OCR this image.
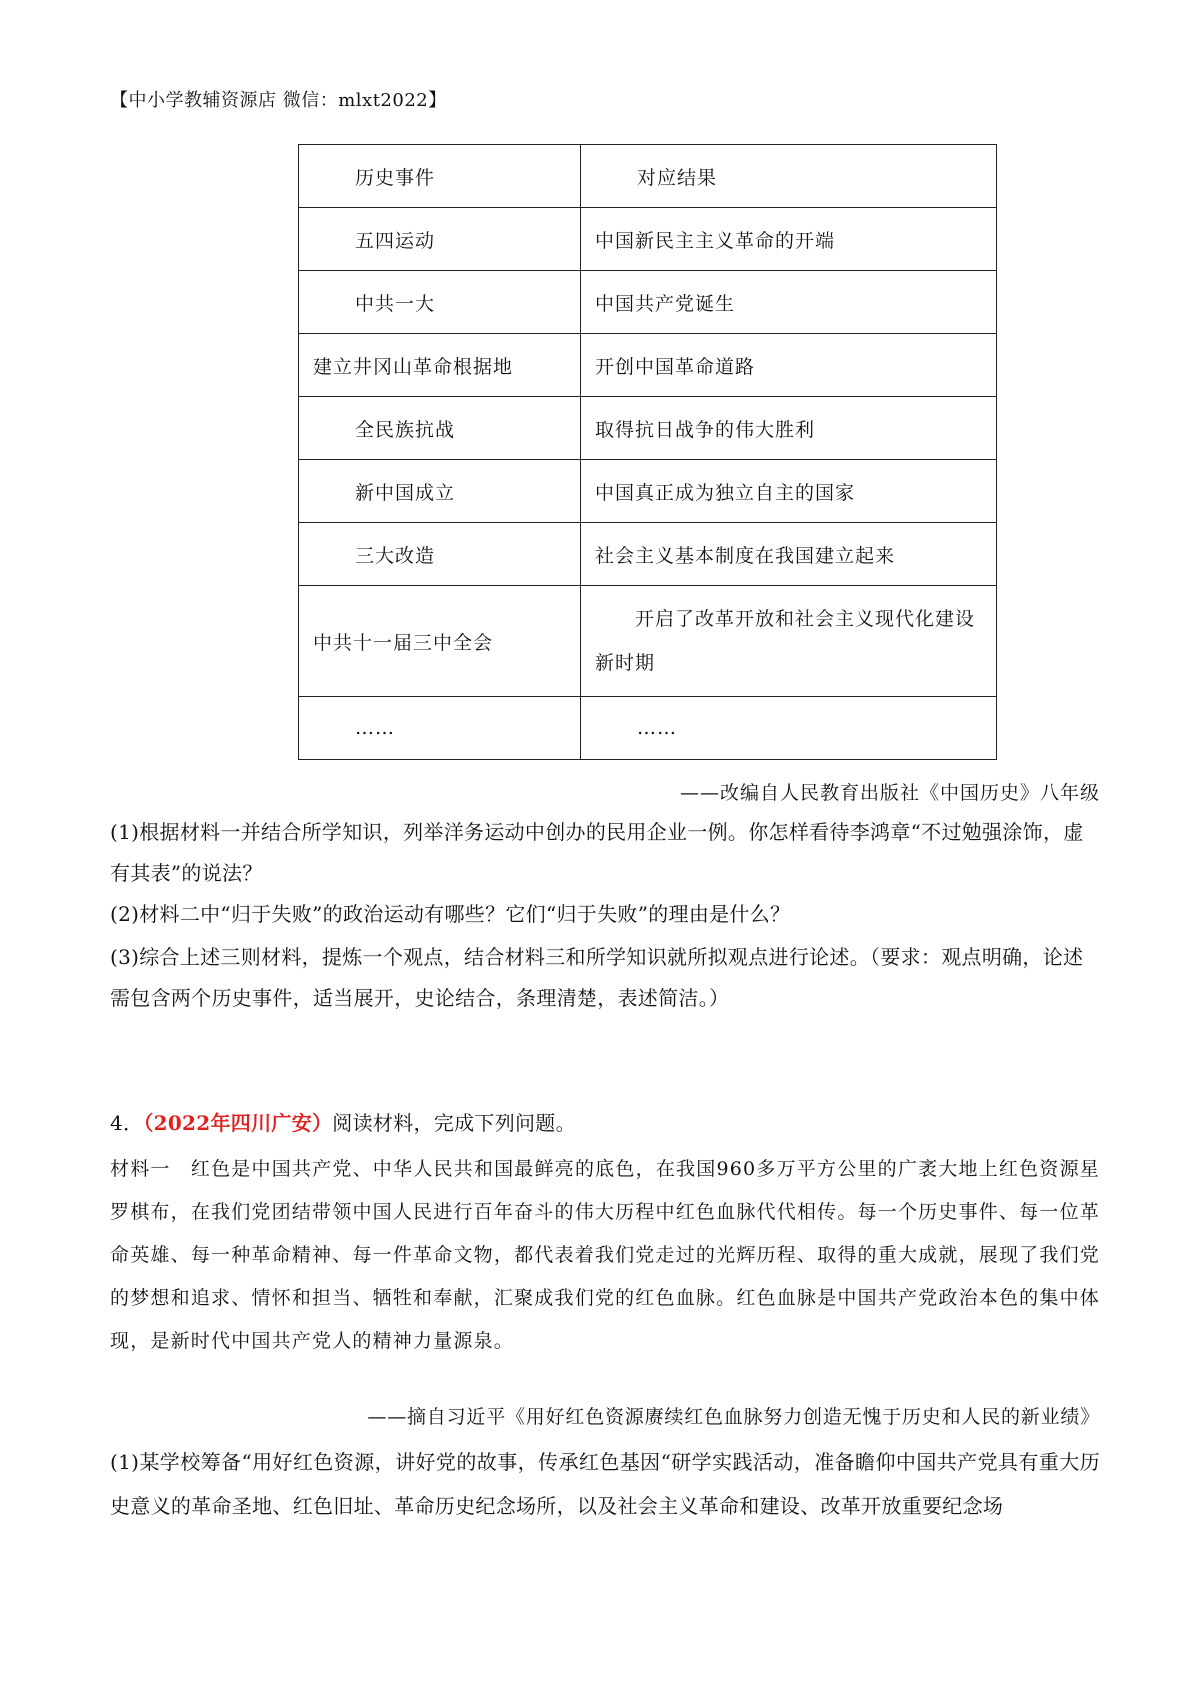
【中小学教辅资源店 微信：mlxt2022】
历史事件	对应结果
五四运动	中国新民主主义革命的开端
中共一大	中国共产党诞生
建立井冈山革命根据地	开创中国革命道路
全民族抗战	取得抗日战争的伟大胜利
新中国成立	中国真正成为独立自主的国家
三大改造	社会主义基本制度在我国建立起来
中共十一届三中全会	开启了改革开放和社会主义现代化建设新时期
……	……
——改编自人民教育出版社《中国历史》八年级
(1)根据材料一并结合所学知识，列举洋务运动中创办的民用企业一例。你怎样看待李鸿章“不过勉强涂饰，虚有其表”的说法？
(2)材料二中“归于失败”的政治运动有哪些？它们“归于失败”的理由是什么？
(3)综合上述三则材料，提炼一个观点，结合材料三和所学知识就所拟观点进行论述。（要求：观点明确，论述需包含两个历史事件，适当展开，史论结合，条理清楚，表述简洁。）
4．（2022年四川广安）阅读材料，完成下列问题。
材料一　红色是中国共产党、中华人民共和国最鲜亮的底色，在我国960多万平方公里的广袤大地上红色资源星罗棋布，在我们党团结带领中国人民进行百年奋斗的伟大历程中红色血脉代代相传。每一个历史事件、每一位革命英雄、每一种革命精神、每一件革命文物，都代表着我们党走过的光辉历程、取得的重大成就，展现了我们党的梦想和追求、情怀和担当、牺牲和奉献，汇聚成我们党的红色血脉。红色血脉是中国共产党政治本色的集中体现，是新时代中国共产党人的精神力量源泉。
——摘自习近平《用好红色资源赓续红色血脉努力创造无愧于历史和人民的新业绩》
(1)某学校筹备“用好红色资源，讲好党的故事，传承红色基因“研学实践活动，准备瞻仰中国共产党具有重大历史意义的革命圣地、红色旧址、革命历史纪念场所，以及社会主义革命和建设、改革开放重要纪念场
